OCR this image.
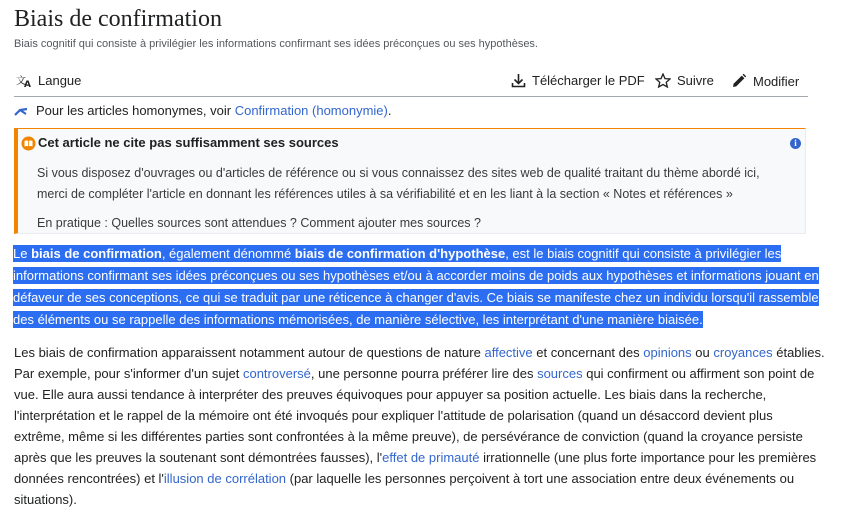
Biais de confirmation
Biais cognitif qui consiste à privilégier les informations confirmant ses idées préconçues ou ses hypothèses.
文
A Langue	Télécharger le PDF Suivre	Modifier
Pour les articles homonymes, voir
Confirmation (homonymie) .
Cet article ne cite pas suffisamment ses sources	i

Si vous disposez d'ouvrages ou d'articles de référence ou si vous connaissez des sites web de qualité traitant du thème abordé ici,

merci de compléter l'article en donnant les références utiles à sa vérifiabilité et en les liant à la section « Notes et références »

En pratique : Quelles sources sont attendues ? Comment ajouter mes sources ?
Le biais de confirmation, également dénommé biais de confirmation d'hypothèse, est le biais cognitif qui consiste à privilégier les
informations confirmant ses idées préconçues ou ses hypothèses et/ou à accorder moins de poids aux hypothèses et informations jouant en
défaveur de ses conceptions, ce qui se traduit par une réticence à changer d'avis. Ce biais se manifeste chez un individu lorsqu'il rassemble
des éléments ou se rappelle des informations mémorisées, de manière sélective, les interprétant d'une manière biaisée.
Les biais de confirmation apparaissent notamment autour de questions de nature affective et concernant des opinions ou croyances établies.
Par exemple, pour s'informer d'un sujet controversé, une personne pourra préférer lire des sources qui confirment ou affirment son point de
vue. Elle aura aussi tendance à interpréter des preuves équivoques pour appuyer sa position actuelle. Les biais dans la recherche,
l'interprétation et le rappel de la mémoire ont été invoqués pour expliquer l'attitude de polarisation (quand un désaccord devient plus
extrême, même si les différentes parties sont confrontées à la même preuve), de persévérance de conviction (quand la croyance persiste
après que les preuves la soutenant sont démontrées fausses), l'effet de primauté irrationnelle (une plus forte importance pour les premières
données rencontrées) et l'illusion de corrélation (par laquelle les personnes perçoivent à tort une association entre deux événements ou
situations).
